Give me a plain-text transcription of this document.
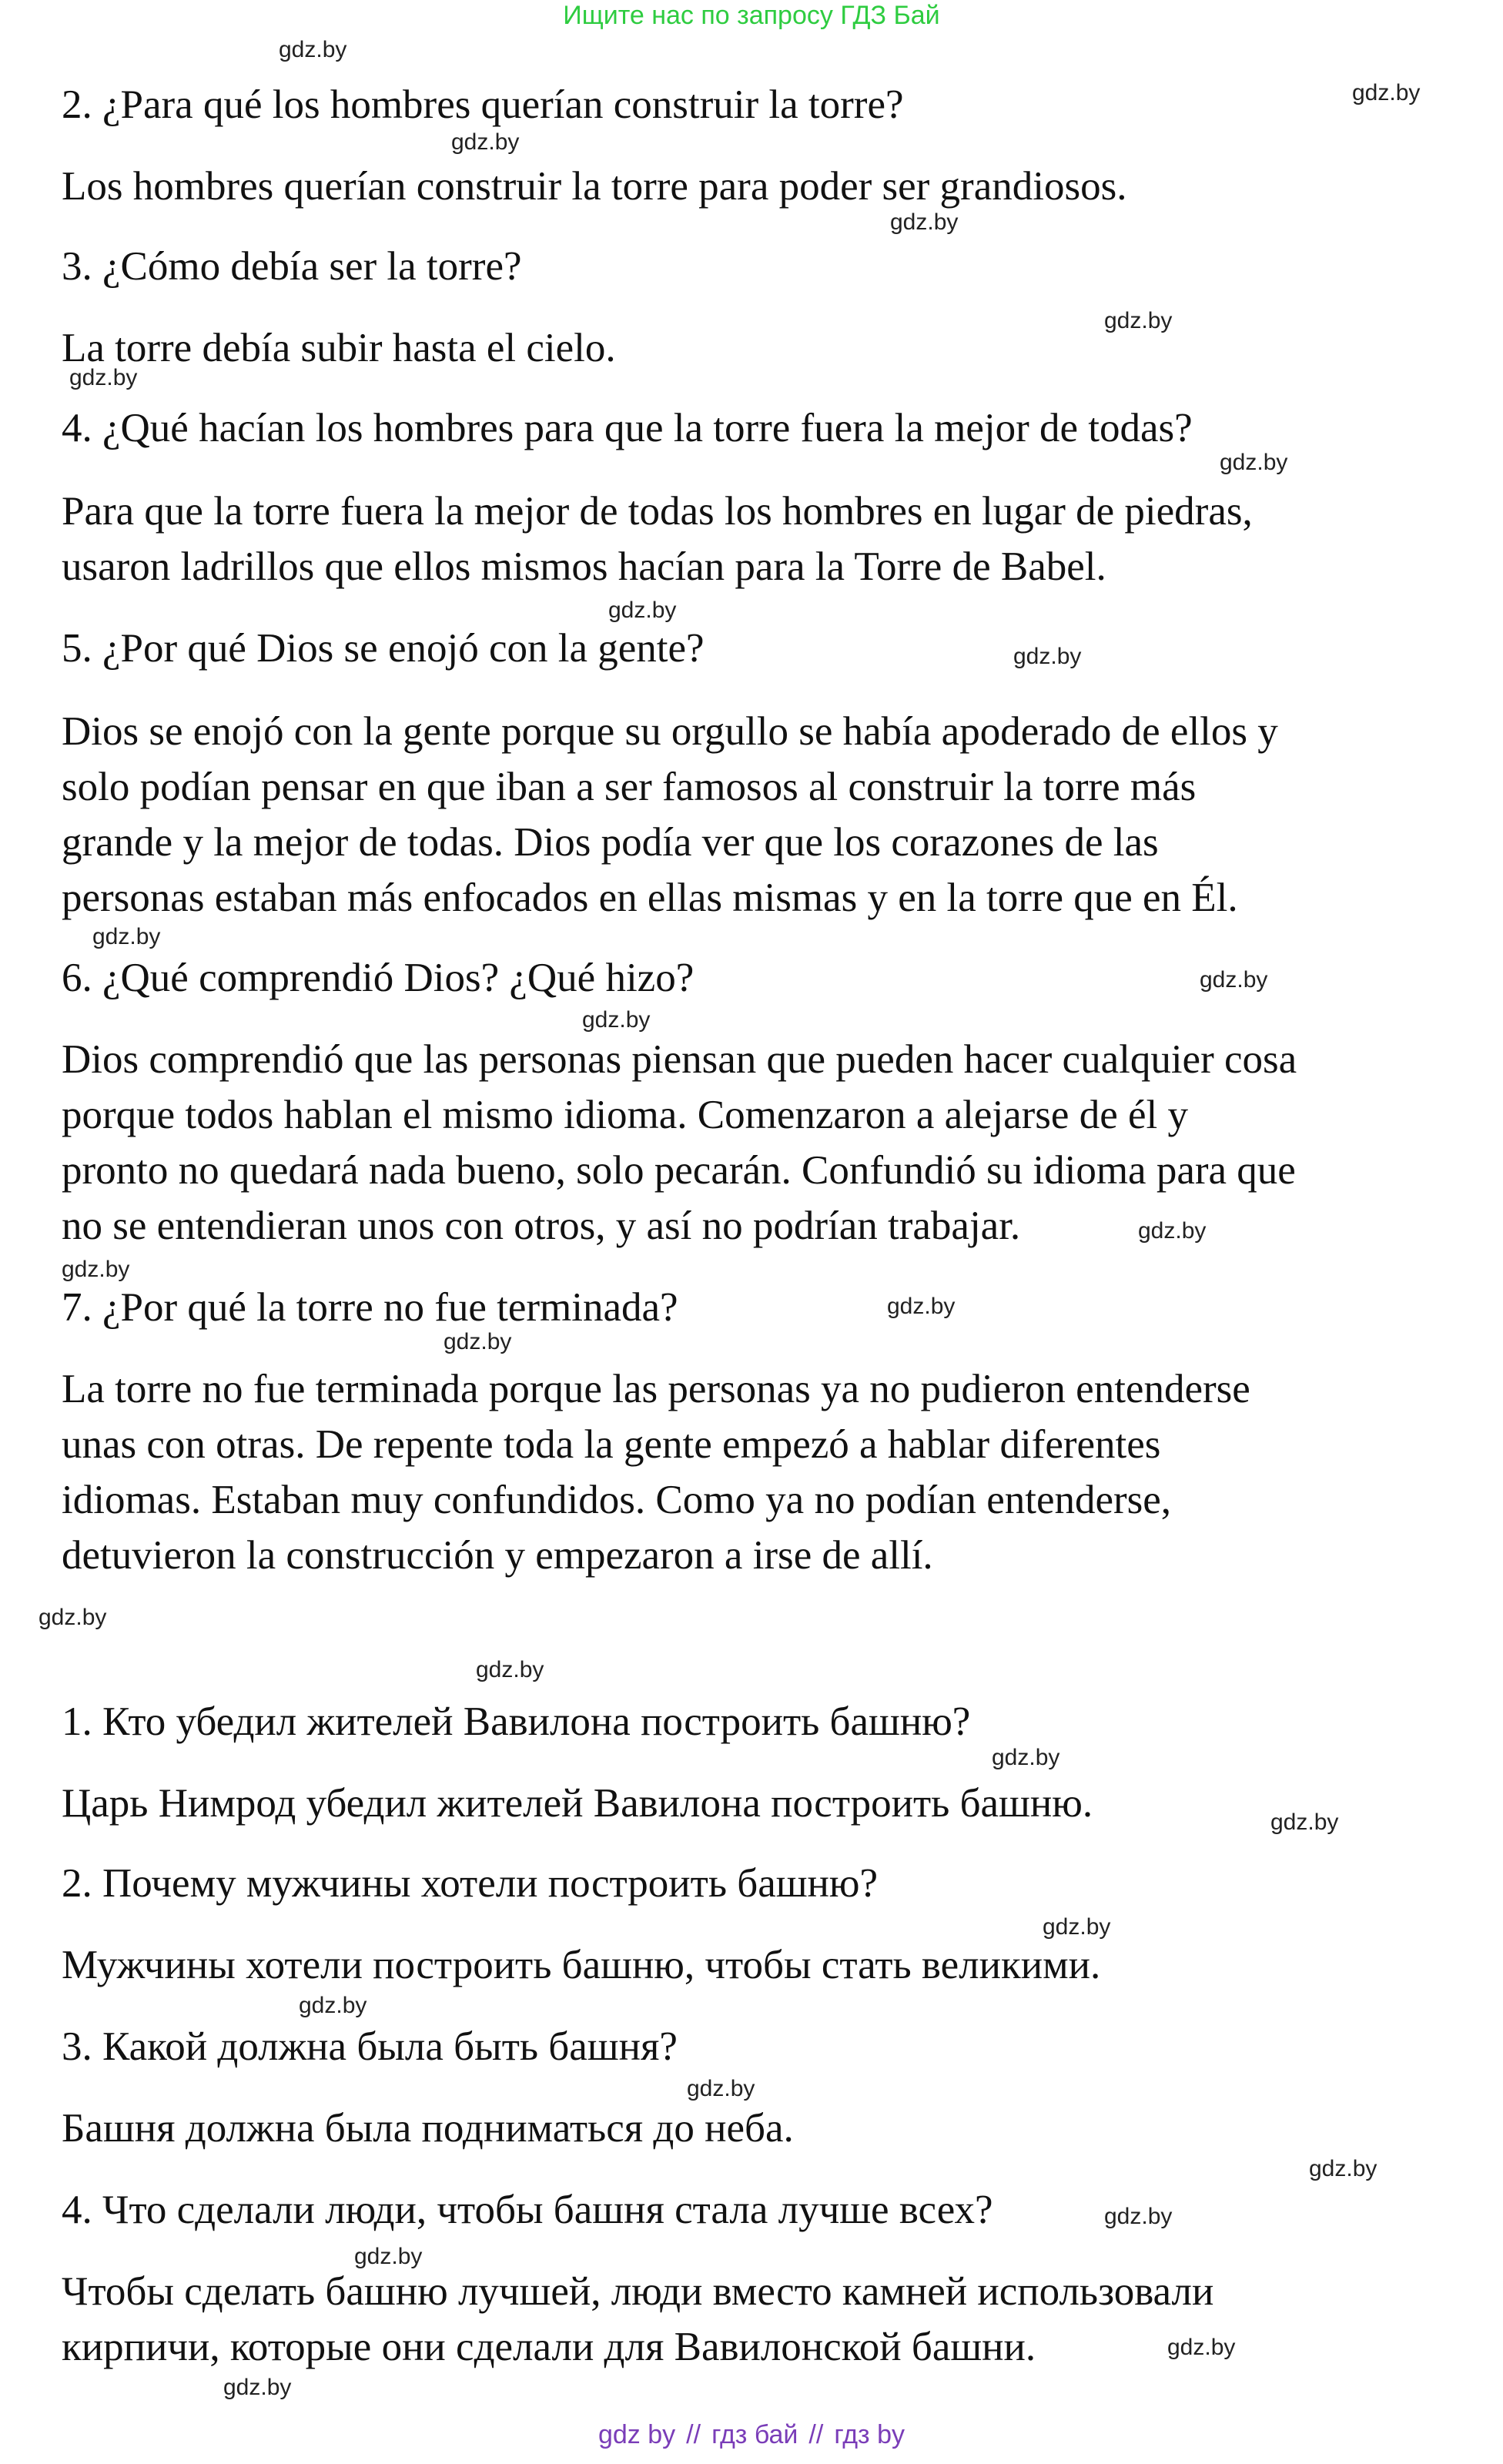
Ищите нас по запросу ГДЗ Бай
2. ¿Para qué los hombres querían construir la torre?
Los hombres querían construir la torre para poder ser grandiosos.
3. ¿Cómo debía ser la torre?
La torre debía subir hasta el cielo.
4. ¿Qué hacían los hombres para que la torre fuera la mejor de todas?
Para que la torre fuera la mejor de todas los hombres en lugar de piedras,
usaron ladrillos que ellos mismos hacían para la Torre de Babel.
5. ¿Por qué Dios se enojó con la gente?
Dios se enojó con la gente porque su orgullo se había apoderado de ellos y
solo podían pensar en que iban a ser famosos al construir la torre más
grande y la mejor de todas. Dios podía ver que los corazones de las
personas estaban más enfocados en ellas mismas y en la torre que en Él.
6. ¿Qué comprendió Dios? ¿Qué hizo?
Dios comprendió que las personas piensan que pueden hacer cualquier cosa
porque todos hablan el mismo idioma. Comenzaron a alejarse de él y
pronto no quedará nada bueno, solo pecarán. Confundió su idioma para que
no se entendieran unos con otros, y así no podrían trabajar.
7. ¿Por qué la torre no fue terminada?
La torre no fue terminada porque las personas ya no pudieron entenderse
unas con otras. De repente toda la gente empezó a hablar diferentes
idiomas. Estaban muy confundidos. Como ya no podían entenderse,
detuvieron la construcción y empezaron a irse de allí.
1. Кто убедил жителей Вавилона построить башню?
Царь Нимрод убедил жителей Вавилона построить башню.
2. Почему мужчины хотели построить башню?
Мужчины хотели построить башню, чтобы стать великими.
3. Какой должна была быть башня?
Башня должна была подниматься до неба.
4. Что сделали люди, чтобы башня стала лучше всех?
Чтобы сделать башню лучшей, люди вместо камней использовали
кирпичи, которые они сделали для Вавилонской башни.
gdz.by
gdz.by
gdz.by
gdz.by
gdz.by
gdz.by
gdz.by
gdz.by
gdz.by
gdz.by
gdz.by
gdz.by
gdz.by
gdz.by
gdz.by
gdz.by
gdz.by
gdz.by
gdz.by
gdz.by
gdz.by
gdz.by
gdz.by
gdz.by
gdz.by
gdz.by
gdz.by
gdz.by
gdz by // гдз бай // гдз by
